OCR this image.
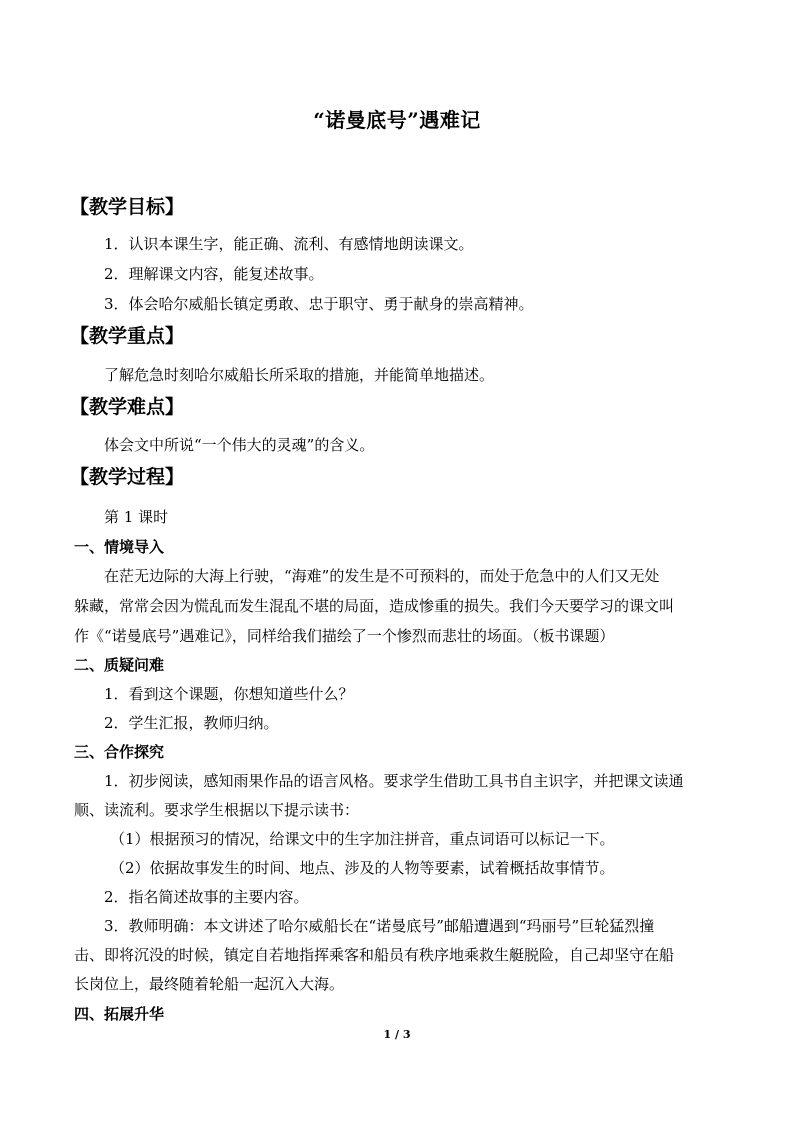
“诺曼底号”遇难记
【教学目标】
1．认识本课生字，能正确、流利、有感情地朗读课文。
2．理解课文内容，能复述故事。
3．体会哈尔威船长镇定勇敢、忠于职守、勇于献身的崇高精神。
【教学重点】
了解危急时刻哈尔威船长所采取的措施，并能简单地描述。
【教学难点】
体会文中所说“一个伟大的灵魂”的含义。
【教学过程】
第 1 课时
一、情境导入
在茫无边际的大海上行驶，“海难”的发生是不可预料的，而处于危急中的人们又无处
躲藏，常常会因为慌乱而发生混乱不堪的局面，造成惨重的损失。我们今天要学习的课文叫
作《“诺曼底号”遇难记》，同样给我们描绘了一个惨烈而悲壮的场面。（板书课题）
二、质疑问难
1．看到这个课题，你想知道些什么？
2．学生汇报，教师归纳。
三、合作探究
1．初步阅读，感知雨果作品的语言风格。要求学生借助工具书自主识字，并把课文读通
顺、读流利。要求学生根据以下提示读书：
（1）根据预习的情况，给课文中的生字加注拼音，重点词语可以标记一下。
（2）依据故事发生的时间、地点、涉及的人物等要素，试着概括故事情节。
2．指名简述故事的主要内容。
3．教师明确：本文讲述了哈尔威船长在“诺曼底号”邮船遭遇到“玛丽号”巨轮猛烈撞
击、即将沉没的时候，镇定自若地指挥乘客和船员有秩序地乘救生艇脱险，自己却坚守在船
长岗位上，最终随着轮船一起沉入大海。
四、拓展升华
1 / 3
